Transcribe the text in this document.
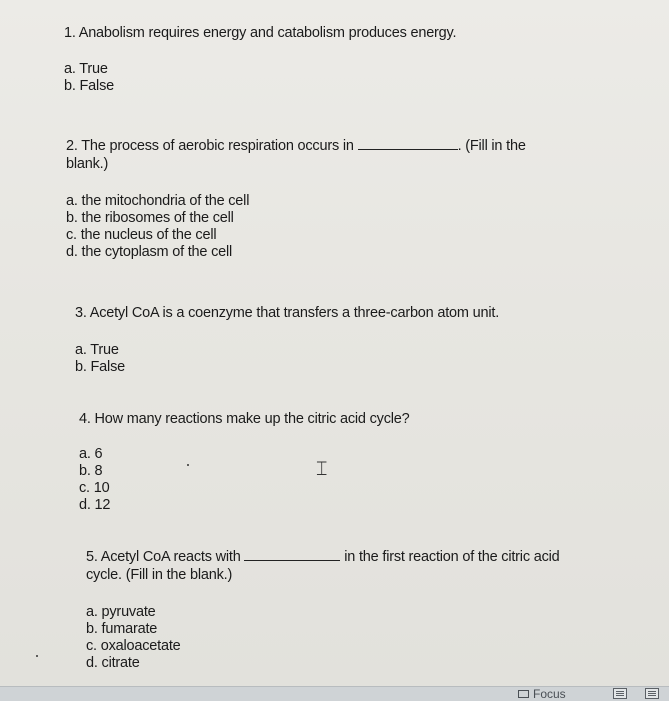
1. Anabolism requires energy and catabolism produces energy.

a. True
b. False

2. The process of aerobic respiration occurs in	. (Fill in the
blank.)

a. the mitochondria of the cell
b. the ribosomes of the cell
c. the nucleus of the cell
d. the cytoplasm of the cell

3. Acetyl CoA is a coenzyme that transfers a three-carbon atom unit.

a. True
b. False

4. How many reactions make up the citric acid cycle?

a. 6
b. 8
c. 10
d. 12

5. Acetyl CoA reacts with	in the first reaction of the citric acid
cycle. (Fill in the blank.)

a. pyruvate
b. fumarate
c. oxaloacetate
d. citrate
⌶
Focus
